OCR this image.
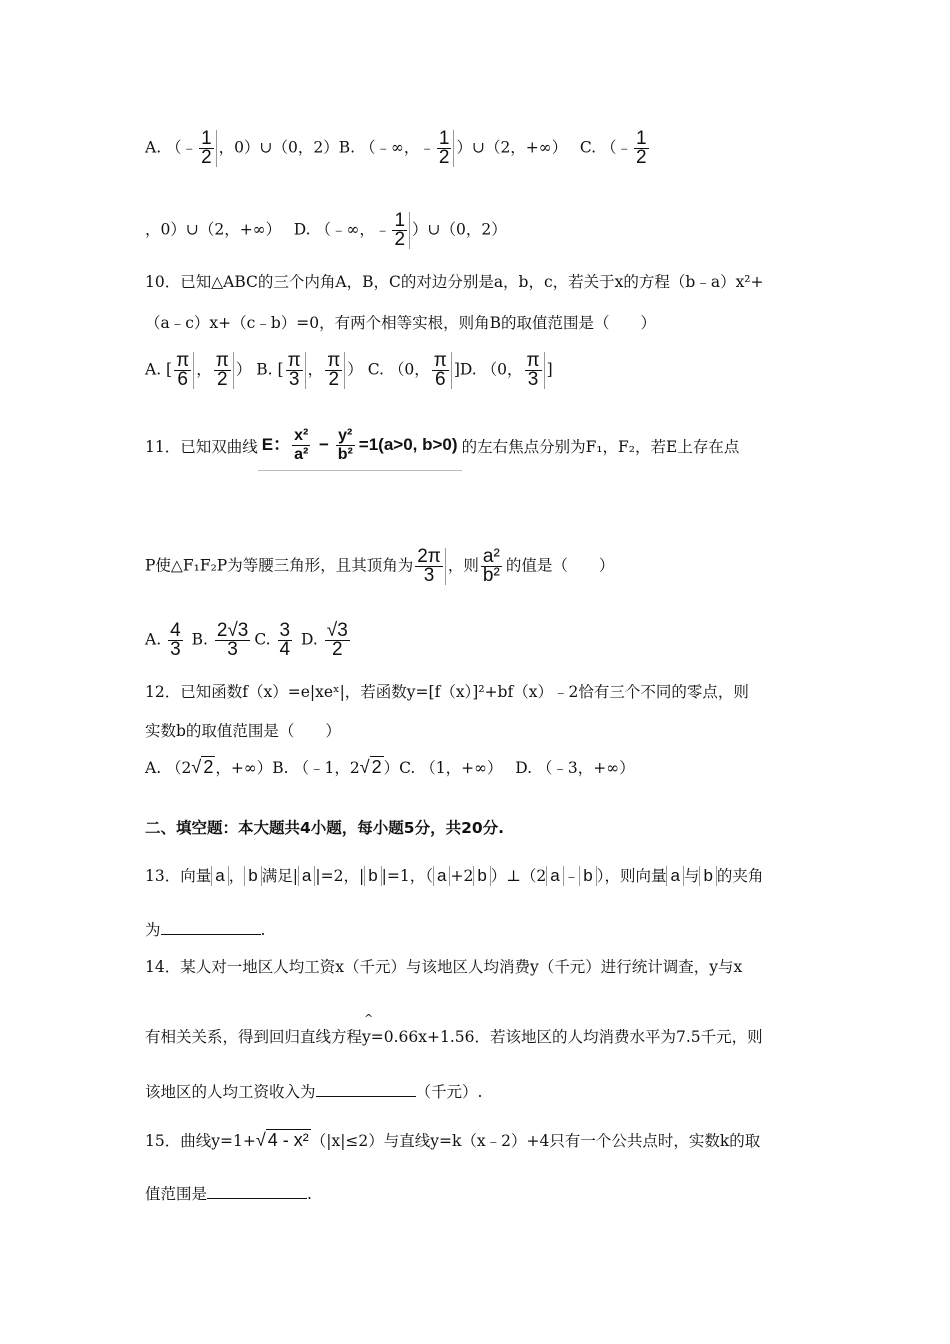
A. （﹣ $\frac{1}{2}$ ，0）∪（0，2）B. （﹣∞，﹣ $\frac{1}{2}$ ）∪（2，+∞）　 C. （﹣ $\frac{1}{2}$
，0）∪（2，+∞）　 D. （﹣∞，﹣ $\frac{1}{2}$ ）∪（0，2）
10．已知△ABC的三个内角A，B，C的对边分别是a，b，c，若关于x的方程（b﹣a）x²+
（a﹣c）x+（c﹣b）=0，有两个相等实根，则角B的取值范围是（　　）
A. [ $\frac{\pi}{6}$ ， $\frac{\pi}{2}$ ） B. [ $\frac{\pi}{3}$ ， $\frac{\pi}{2}$ ） C. （0， $\frac{\pi}{6} ]D$. （0， $\frac{\pi}{3}$ ]
11．已知双曲线 E： $\frac{\text{x²}}{\text{a²}} - \frac{\text{y²}}{\text{b²}} =1(a>0$, b>0) 的左右焦点分别为F₁，F₂，若E上存在点
P使△F₁F₂P为等腰三角形，且其顶角为 $\frac{2\pi}{3}$ ，则 $\frac{\text{a²}}{\text{b²}}$ 的值是（　　）
A. $\frac{4}{3} B$. $\frac{2√3}{3} C$. $\frac{3}{4} D$. $\frac{√3}{2}$
12．已知函数f（x）=e|xeˣ|，若函数y=[f（x）]²+bf（x）﹣2恰有三个不同的零点，则
实数b的取值范围是（　　）
A. （2√ 2 ，+∞）B. （﹣1，2√ 2 ）C. （1，+∞）　 D. （﹣3，+∞）
二、填空题：本大题共4小题，每小题5分，共20分.
13．向量 a ， b 满足| a |=2，| b |=1，（ a +2 b ）⊥（2 a ﹣ b ），则向量 a 与 b 的夹角
为	.
14．某人对一地区人均工资x（千元）与该地区人均消费y（千元）进行统计调查，y与x
有相关关系，得到回归直线方程^ y=0.66x+1.56．若该地区的人均消费水平为7.5千元，则
该地区的人均工资收入为	（千元）.
15．曲线y=1+√ 4 - x² （|x|≤2）与直线y=k（x﹣2）+4只有一个公共点时，实数k的取
值范围是	.
